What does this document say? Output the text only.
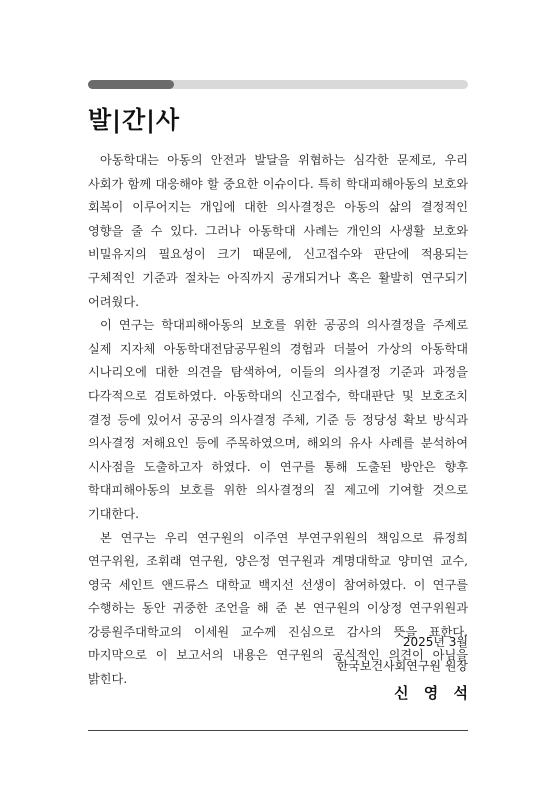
발|간|사

아동학대는 아동의 안전과 발달을 위협하는 심각한 문제로, 우리 사회가 함께 대응해야 할 중요한 이슈이다. 특히 학대피해아동의 보호와 회복이 이루어지는 개입에 대한 의사결정은 아동의 삶의 결정적인 영향을 줄 수 있다. 그러나 아동학대 사례는 개인의 사생활 보호와 비밀유지의 필요성이 크기 때문에, 신고접수와 판단에 적용되는 구체적인 기준과 절차는 아직까지 공개되거나 혹은 활발히 연구되기 어려웠다.

이 연구는 학대피해아동의 보호를 위한 공공의 의사결정을 주제로 실제 지자체 아동학대전담공무원의 경험과 더불어 가상의 아동학대 시나리오에 대한 의견을 탐색하여, 이들의 의사결정 기준과 과정을 다각적으로 검토하였다. 아동학대의 신고접수, 학대판단 및 보호조치 결정 등에 있어서 공공의 의사결정 주체, 기준 등 정당성 확보 방식과 의사결정 저해요인 등에 주목하였으며, 해외의 유사 사례를 분석하여 시사점을 도출하고자 하였다. 이 연구를 통해 도출된 방안은 향후 학대피해아동의 보호를 위한 의사결정의 질 제고에 기여할 것으로 기대한다.

본 연구는 우리 연구원의 이주연 부연구위원의 책임으로 류정희 연구위원, 조휘래 연구원, 양은정 연구원과 계명대학교 양미연 교수, 영국 세인트 앤드류스 대학교 백지선 선생이 참여하였다. 이 연구를 수행하는 동안 귀중한 조언을 해 준 본 연구원의 이상정 연구위원과 강릉원주대학교의 이세원 교수께 진심으로 감사의 뜻을 표한다. 마지막으로 이 보고서의 내용은 연구원의 공식적인 의견이 아님을 밝힌다.

2025년 3월
한국보건사회연구원 원장
신 영 석
